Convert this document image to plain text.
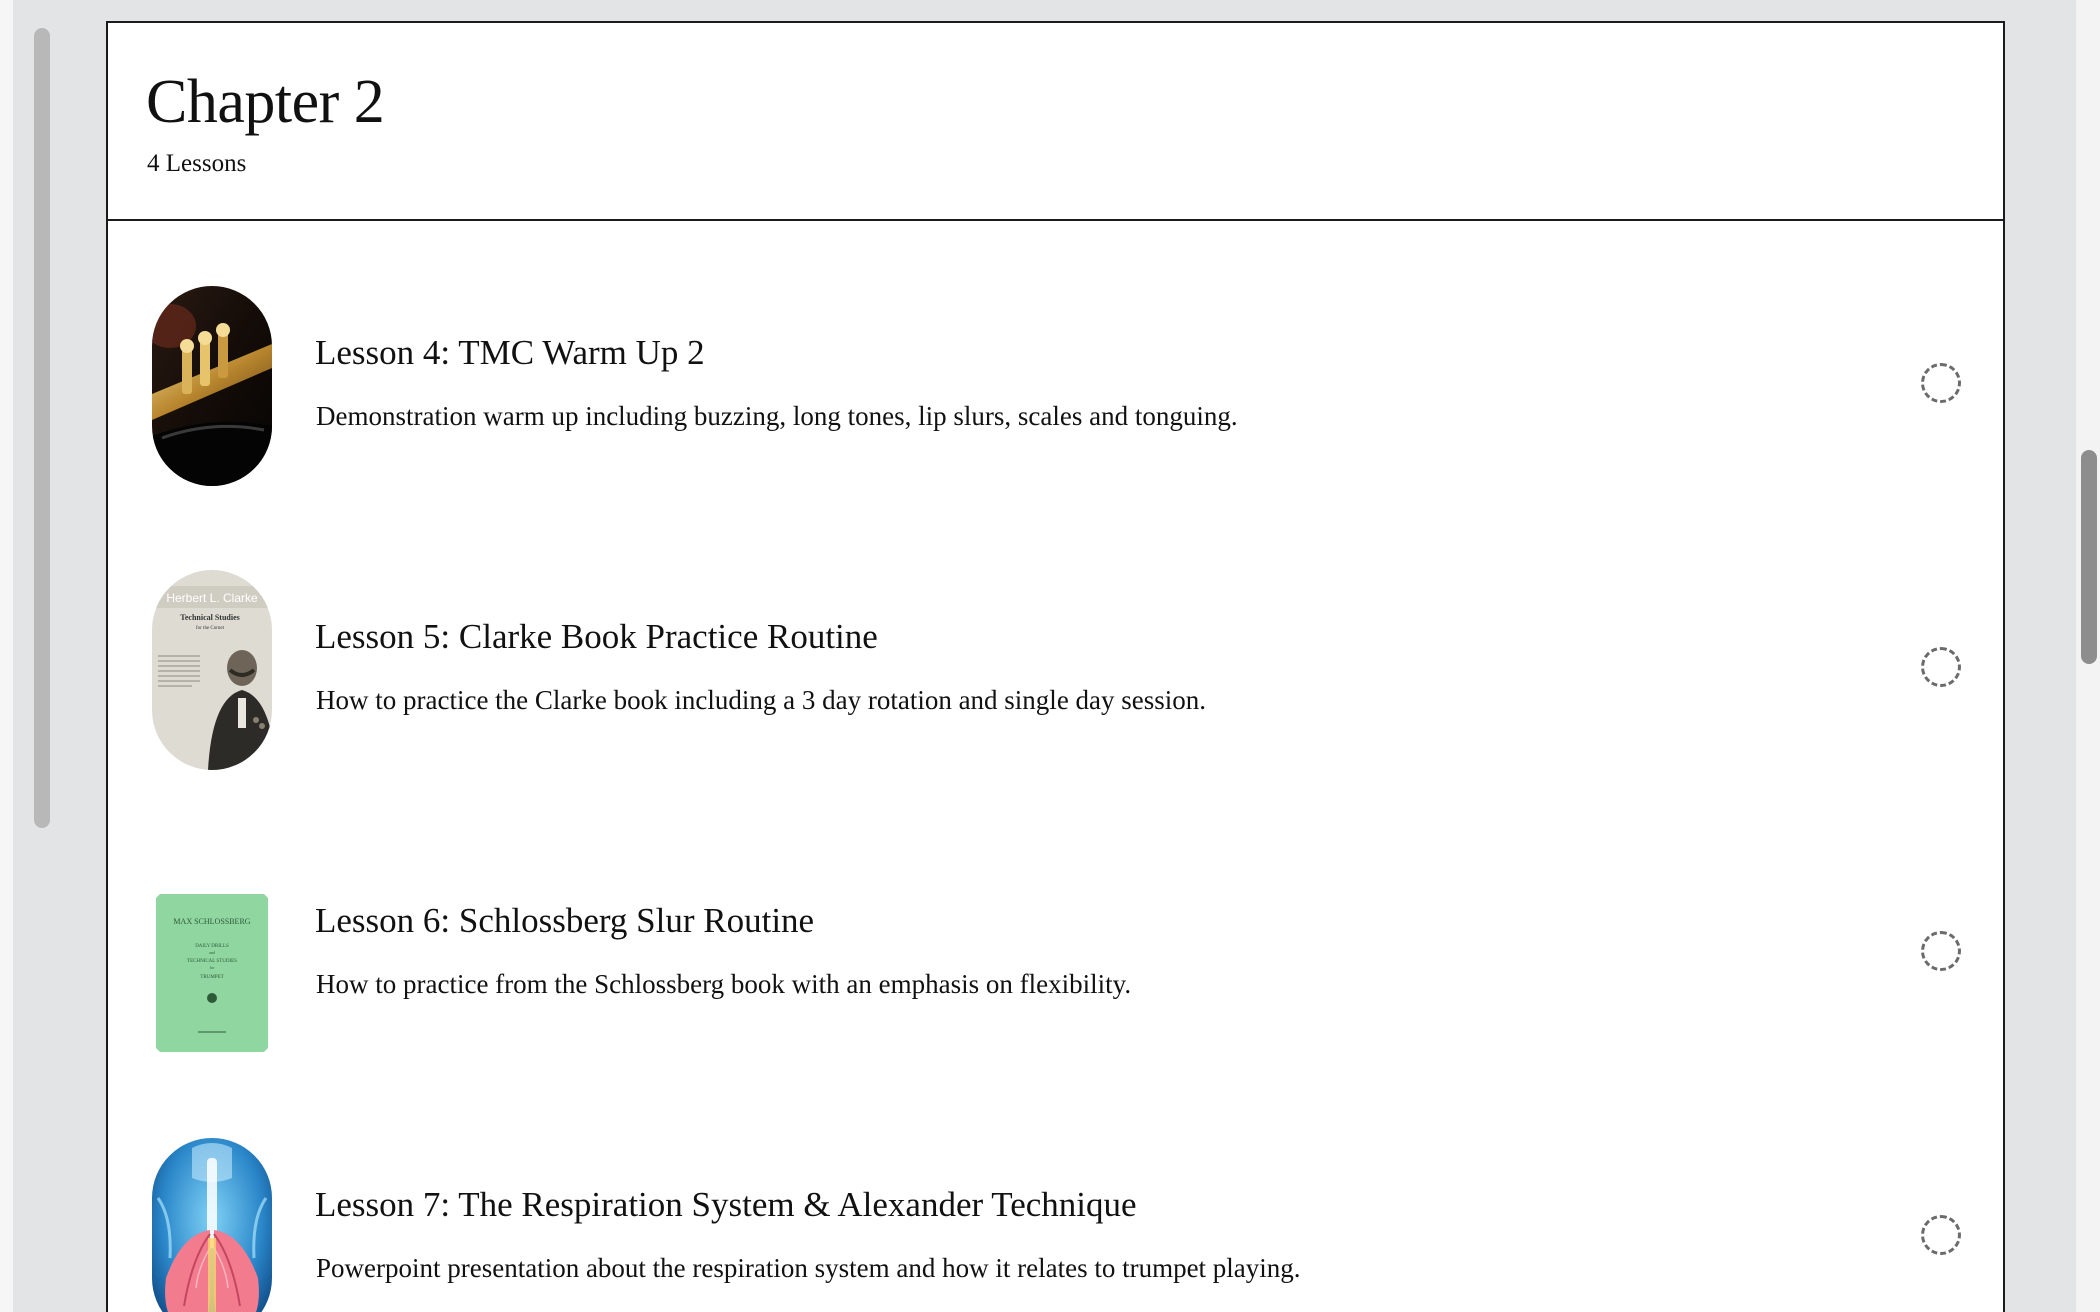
Chapter 2
4 Lessons
Lesson 4: TMC Warm Up 2

Demonstration warm up including buzzing, long tones, lip slurs, scales and tonguing.

Herbert L. Clarke
Technical Studies
for the Cornet	Lesson 5: Clarke Book Practice Routine

How to practice the Clarke book including a 3 day rotation and single day session.

MAX SCHLOSSBERG
DAILY DRILLS
and
TECHNICAL STUDIES
for
TRUMPET
Lesson 6: Schlossberg Slur Routine

How to practice from the Schlossberg book with an emphasis on flexibility.

Lesson 7: The Respiration System & Alexander Technique

Powerpoint presentation about the respiration system and how it relates to trumpet playing.
